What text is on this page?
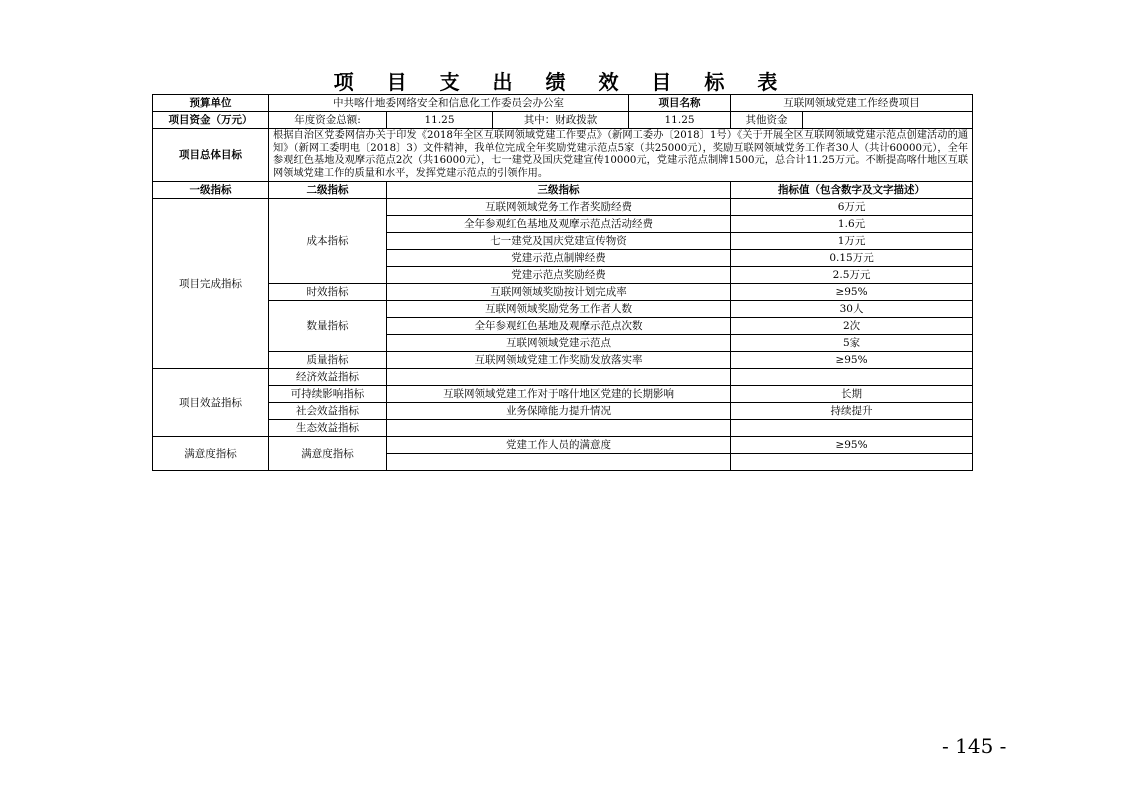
项 目 支 出 绩 效 目 标 表
预算单位	中共喀什地委网络安全和信息化工作委员会办公室			项目名称	互联网领域党建工作经费项目	
项目资金（万元）	年度资金总额:	11.25	其中：财政拨款	11.25	其他资金	
项目总体目标	根据自治区党委网信办关于印发《2018年全区互联网领域党建工作要点》（新网工委办〔2018〕1号）《关于开展全区互联网领域党建示范点创建活动的通知》（新网工委明电〔2018〕3）文件精神，我单位完成全年奖励党建示范点5家（共25000元），奖励互联网领域党务工作者30人（共计60000元），全年参观红色基地及观摩示范点2次（共16000元），七一建党及国庆党建宣传10000元，党建示范点制牌1500元，总合计11.25万元。不断提高喀什地区互联网领域党建工作的质量和水平，发挥党建示范点的引领作用。					
一级指标	二级指标	三级指标			指标值（包含数字及文字描述）	
项目完成指标	成本指标	互联网领域党务工作者奖励经费			6万元	
		全年参观红色基地及观摩示范点活动经费			1.6元	
		七一建党及国庆党建宣传物资			1万元	
		党建示范点制牌经费			0.15万元	
		党建示范点奖励经费			2.5万元	
	时效指标	互联网领域奖励按计划完成率			≥95%	
	数量指标	互联网领域奖励党务工作者人数			30人	
		全年参观红色基地及观摩示范点次数			2次	
		互联网领域党建示范点			5家	
	质量指标	互联网领域党建工作奖励发放落实率			≥95%	
项目效益指标	经济效益指标					
	可持续影响指标	互联网领域党建工作对于喀什地区党建的长期影响			长期	
	社会效益指标	业务保障能力提升情况			持续提升	
	生态效益指标					
满意度指标	满意度指标	党建工作人员的满意度			≥95%	

- 145 -
